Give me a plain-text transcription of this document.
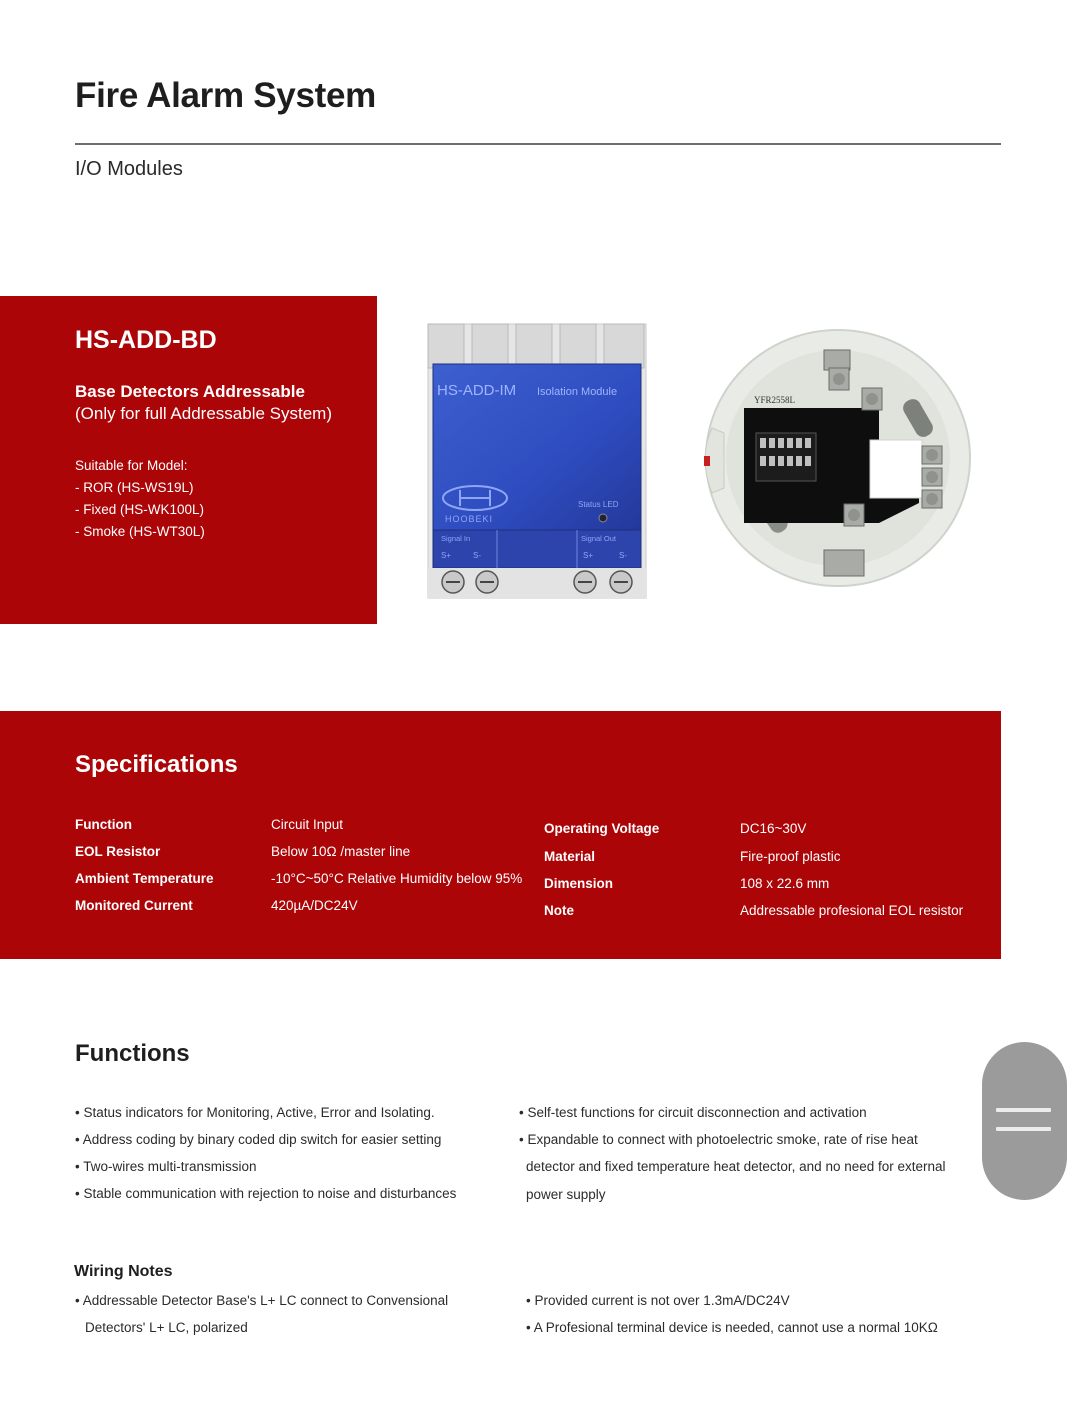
Fire Alarm System
I/O Modules
HS-ADD-BD
Base Detectors Addressable
(Only for full Addressable System)
Suitable for Model:
- ROR (HS-WS19L)
- Fixed (HS-WK100L)
- Smoke (HS-WT30L)
HS-ADD-IM Isolation Module
HOOBEKI
Status LED
Signal In	Signal Out
S+	S-	S+	S-
YFR2558L
Specifications
Function	Circuit Input
EOL Resistor	Below 10Ω /master line
Ambient Temperature	-10°C~50°C Relative Humidity below 95%
Monitored Current	420µA/DC24V
Operating Voltage	DC16~30V
Material	Fire-proof plastic
Dimension	108 x 22.6 mm
Note	Addressable profesional EOL resistor
Functions
• Status indicators for Monitoring, Active, Error and Isolating.
• Address coding by binary coded dip switch for easier setting
• Two-wires multi-transmission
• Stable communication with rejection to noise and disturbances
• Self-test functions for circuit disconnection and activation
• Expandable to connect with photoelectric smoke, rate of rise heat
detector and fixed temperature heat detector, and no need for external
power supply
Wiring Notes
• Addressable Detector Base's L+ LC connect to Convensional
Detectors' L+ LC, polarized
• Provided current is not over 1.3mA/DC24V
• A Profesional terminal device is needed, cannot use a normal 10KΩ
